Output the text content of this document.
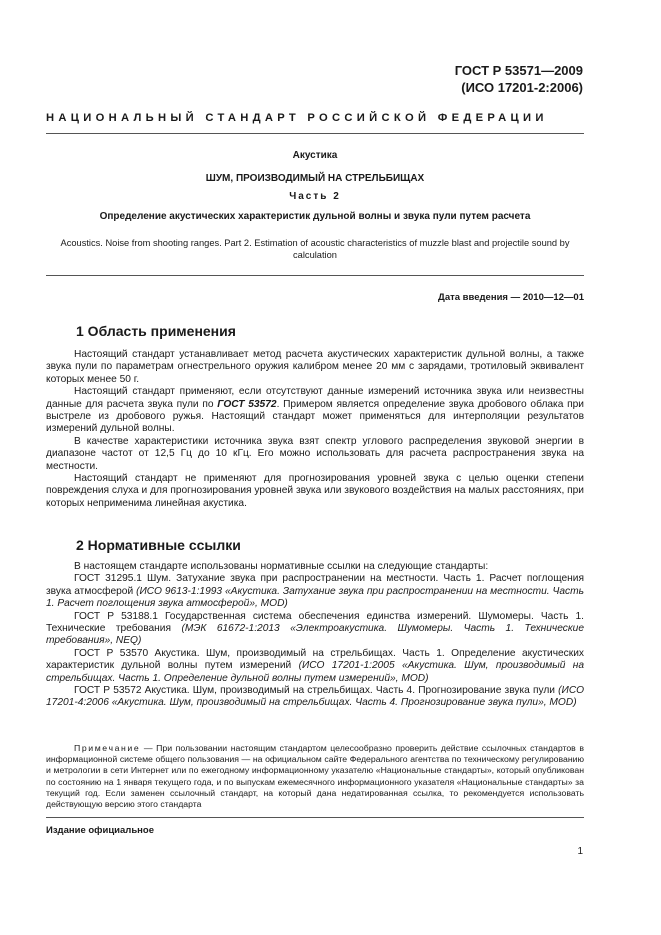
ГОСТ Р 53571—2009
(ИСО 17201-2:2006)
НАЦИОНАЛЬНЫЙ СТАНДАРТ РОССИЙСКОЙ ФЕДЕРАЦИИ
Акустика
ШУМ, ПРОИЗВОДИМЫЙ НА СТРЕЛЬБИЩАХ
Часть 2
Определение акустических характеристик дульной волны и звука пули путем расчета
Acoustics. Noise from shooting ranges. Part 2. Estimation of acoustic characteristics of muzzle blast and projectile sound by calculation
Дата введения — 2010—12—01
1 Область применения

Настоящий стандарт устанавливает метод расчета акустических характеристик дульной волны, а также звука пули по параметрам огнестрельного оружия калибром менее 20 мм с зарядами, тротиловый эквивалент которых менее 50 г.

Настоящий стандарт применяют, если отсутствуют данные измерений источника звука или неизвестны данные для расчета звука пули по ГОСТ 53572. Примером является определение звука дробового облака при выстреле из дробового ружья. Настоящий стандарт может применяться для интерполяции результатов измерений дульной волны.

В качестве характеристики источника звука взят спектр углового распределения звуковой энергии в диапазоне частот от 12,5 Гц до 10 кГц. Его можно использовать для расчета распространения звука на местности.

Настоящий стандарт не применяют для прогнозирования уровней звука с целью оценки степени повреждения слуха и для прогнозирования уровней звука или звукового воздействия на малых расстояниях, при которых неприменима линейная акустика.

2 Нормативные ссылки

В настоящем стандарте использованы нормативные ссылки на следующие стандарты:

ГОСТ 31295.1 Шум. Затухание звука при распространении на местности. Часть 1. Расчет поглощения звука атмосферой (ИСО 9613-1:1993 «Акустика. Затухание звука при распространении на местности. Часть 1. Расчет поглощения звука атмосферой», MOD)

ГОСТ Р 53188.1 Государственная система обеспечения единства измерений. Шумомеры. Часть 1. Технические требования (МЭК 61672-1:2013 «Электроакустика. Шумомеры. Часть 1. Технические требования», NEQ)

ГОСТ Р 53570 Акустика. Шум, производимый на стрельбищах. Часть 1. Определение акустических характеристик дульной волны путем измерений (ИСО 17201-1:2005 «Акустика. Шум, производимый на стрельбищах. Часть 1. Определение дульной волны путем измерений», MOD)

ГОСТ Р 53572 Акустика. Шум, производимый на стрельбищах. Часть 4. Прогнозирование звука пули (ИСО 17201-4:2006 «Акустика. Шум, производимый на стрельбищах. Часть 4. Прогнозирование звука пули», MOD)

Примечание — При пользовании настоящим стандартом целесообразно проверить действие ссылочных стандартов в информационной системе общего пользования — на официальном сайте Федерального агентства по техническому регулированию и метрологии в сети Интернет или по ежегодному информационному указателю «Национальные стандарты», который опубликован по состоянию на 1 января текущего года, и по выпускам ежемесячного информационного указателя «Национальные стандарты» за текущий год. Если заменен ссылочный стандарт, на который дана недатированная ссылка, то рекомендуется использовать действующую версию этого стандарта
Издание официальное
1
